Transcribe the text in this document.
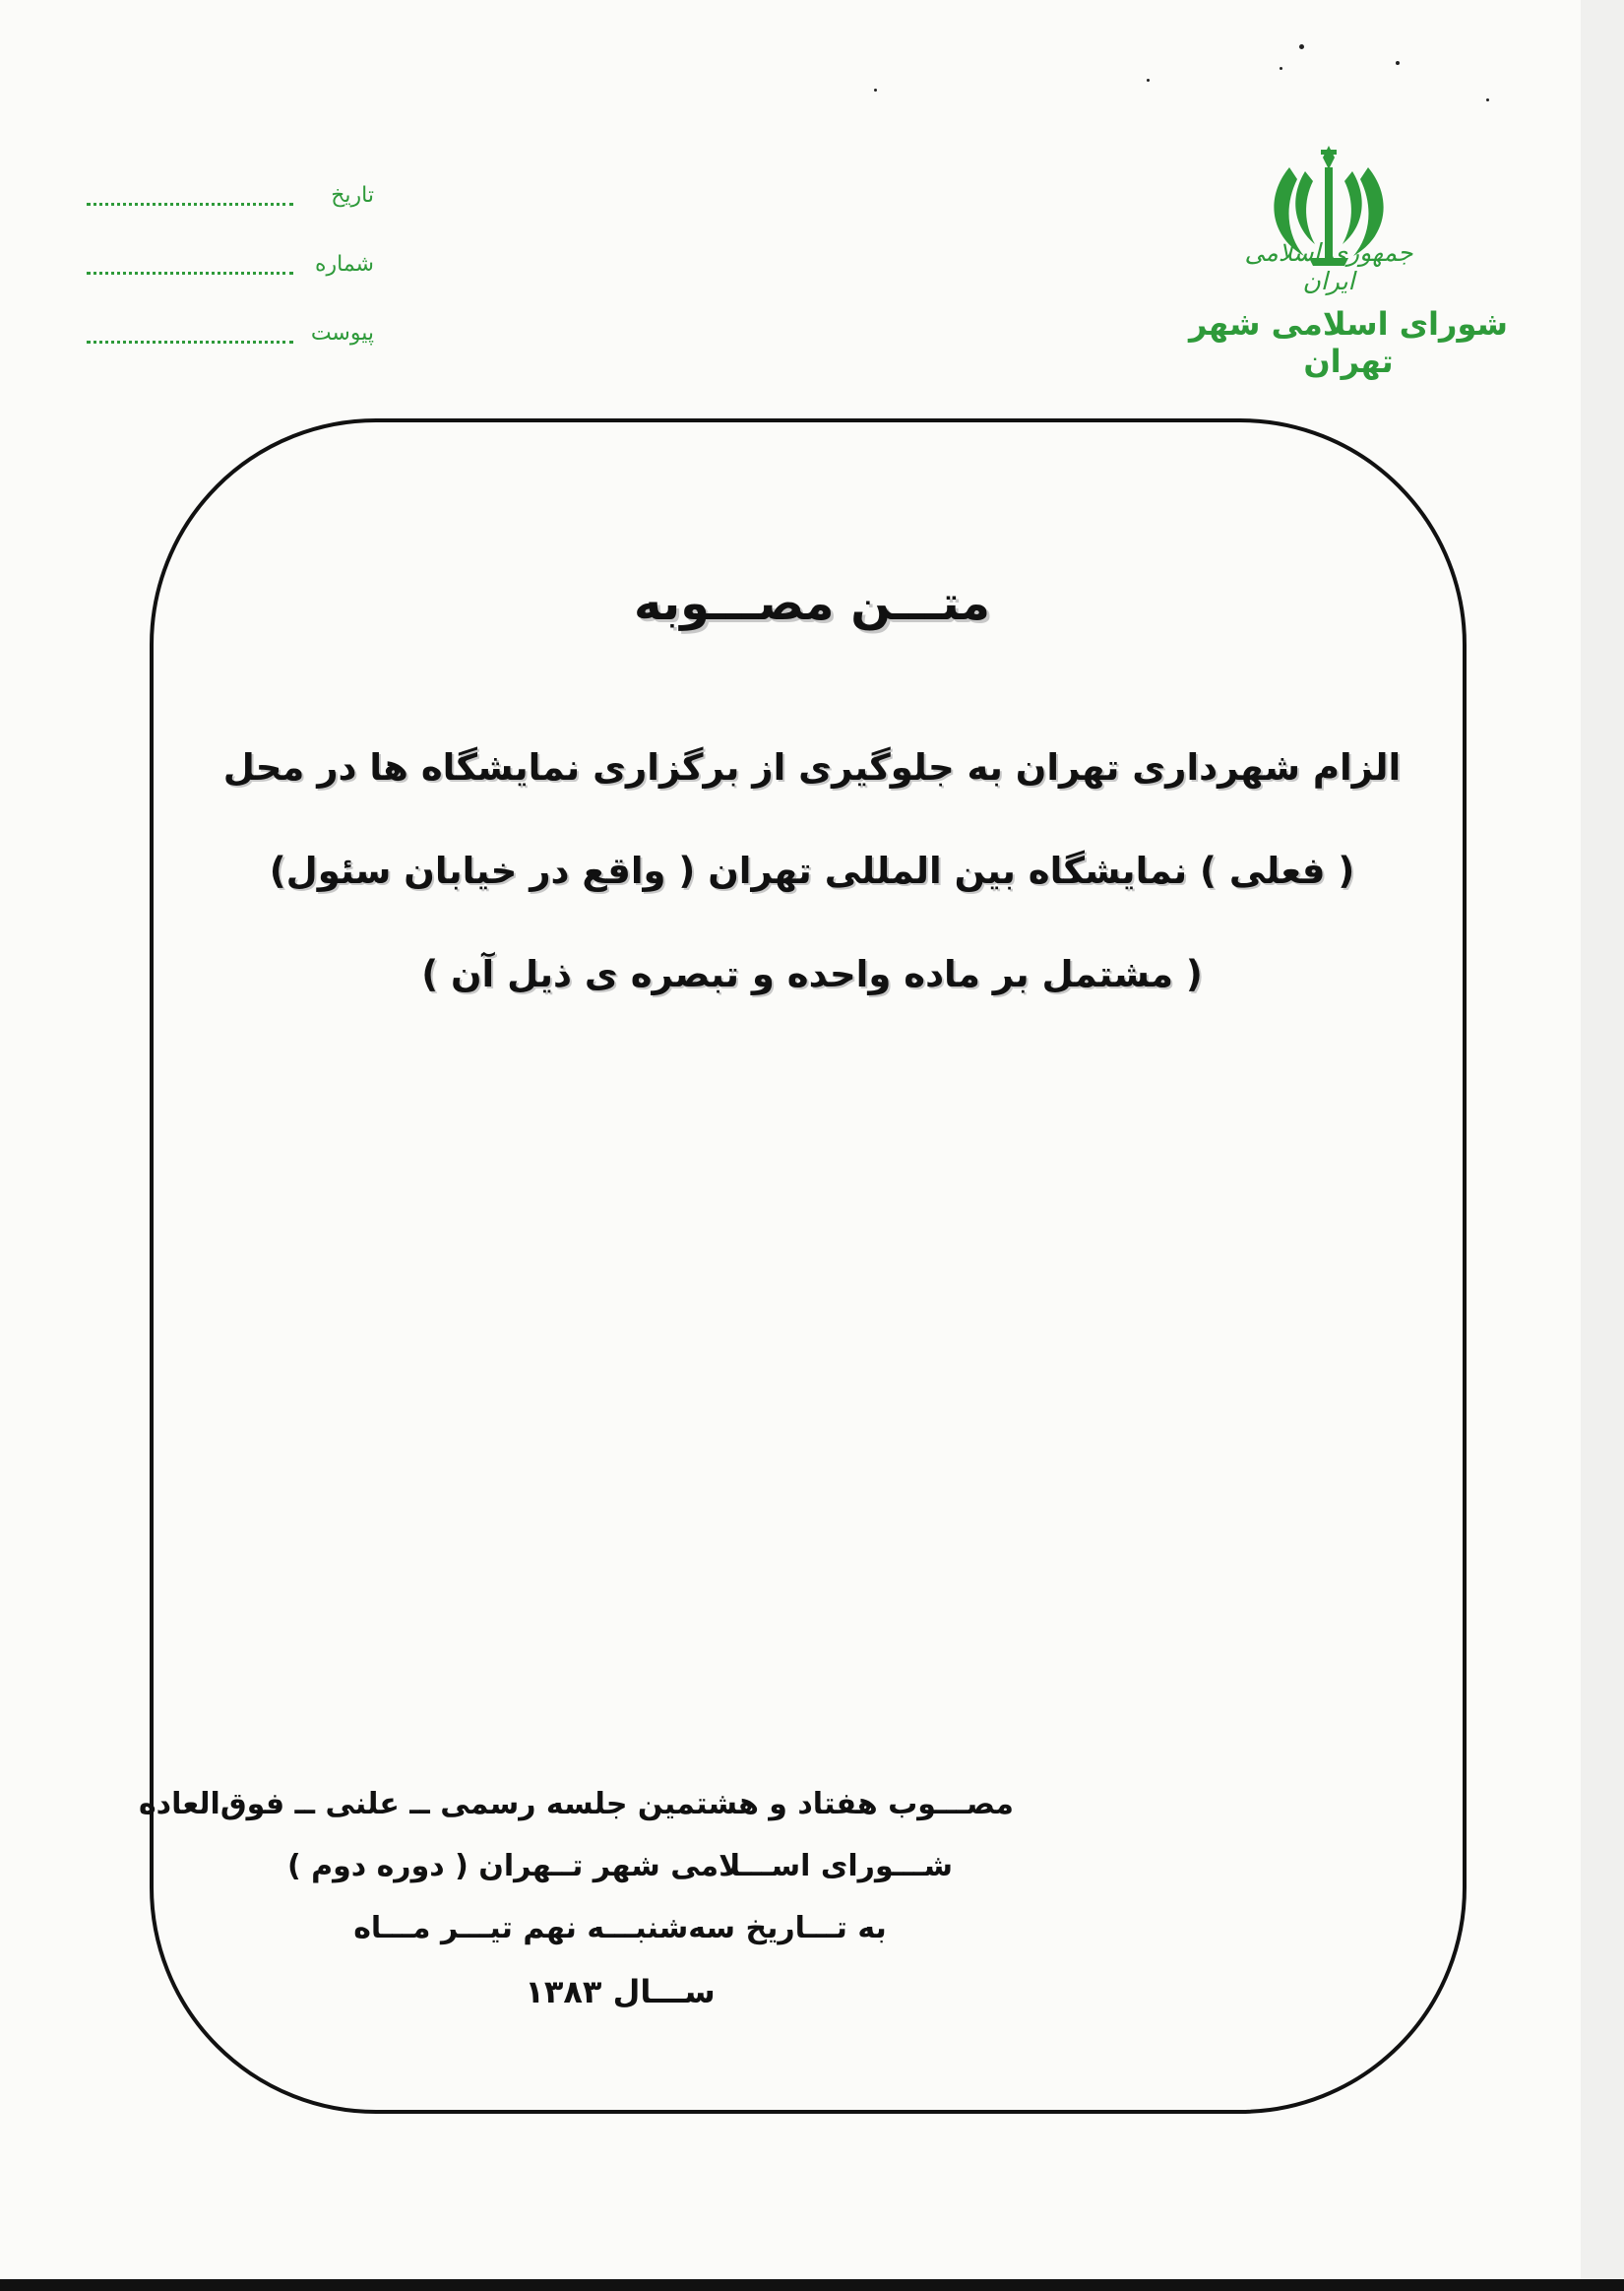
تاریخ
شماره
پیوست
جمهوری اسلامی ایران
شورای اسلامی شهر تهران
متـــن مصـــوبه
الزام شهرداری تهران به جلوگیری از برگزاری نمایشگاه ها در محل
( فعلی ) نمایشگاه بین المللی تهران ( واقع در خیابان سئول)
( مشتمل بر ماده واحده و تبصره ی ذیل آن )
مصـــوب هفتاد و هشتمین جلسه رسمی ــ علنی ــ فوق‌العاده
شـــورای اســـلامی شهر تــهران ( دوره دوم )
به تـــاریخ سه‌شنبـــه نهم تیـــر مـــاه
ســـال ۱۳۸۳
